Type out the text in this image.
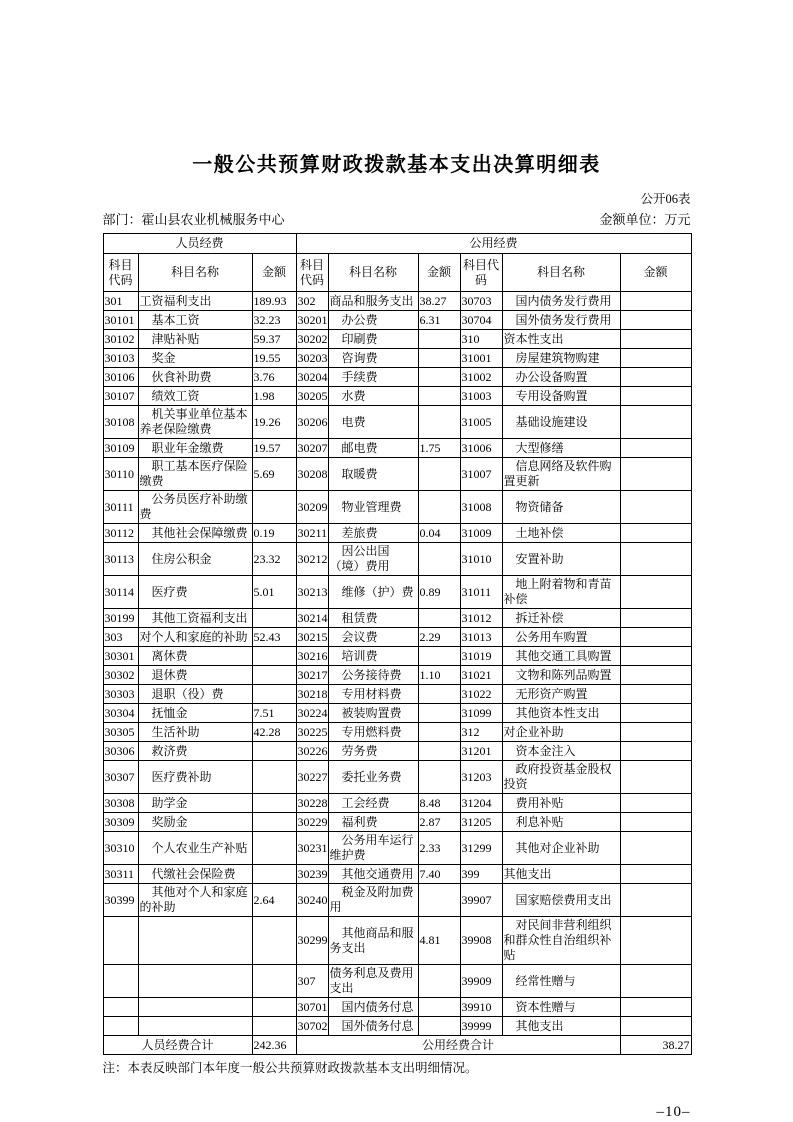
一般公共预算财政拨款基本支出决算明细表
公开06表
部门：霍山县农业机械服务中心	金额单位：万元
人员经费			公用经费					
科目代码	科目名称	金额	科目代码	科目名称	金额	科目代码	科目名称	金额
301	工资福利支出	189.93	302	商品和服务支出	38.27	30703	国内债务发行费用	
30101	基本工资	32.23	30201	办公费	6.31	30704	国外债务发行费用	
30102	津贴补贴	59.37	30202	印刷费		310	资本性支出	
30103	奖金	19.55	30203	咨询费		31001	房屋建筑物购建	
30106	伙食补助费	3.76	30204	手续费		31002	办公设备购置	
30107	绩效工资	1.98	30205	水费		31003	专用设备购置	
30108	机关事业单位基本养老保险缴费	19.26	30206	电费		31005	基础设施建设	
30109	职业年金缴费	19.57	30207	邮电费	1.75	31006	大型修缮	
30110	职工基本医疗保险缴费	5.69	30208	取暖费		31007	信息网络及软件购置更新	
30111	公务员医疗补助缴费		30209	物业管理费		31008	物资储备	
30112	其他社会保障缴费	0.19	30211	差旅费	0.04	31009	土地补偿	
30113	住房公积金	23.32	30212	因公出国（境）费用		31010	安置补助	
30114	医疗费	5.01	30213	维修（护）费	0.89	31011	地上附着物和青苗补偿	
30199	其他工资福利支出		30214	租赁费		31012	拆迁补偿	
303	对个人和家庭的补助	52.43	30215	会议费	2.29	31013	公务用车购置	
30301	离休费		30216	培训费		31019	其他交通工具购置	
30302	退休费		30217	公务接待费	1.10	31021	文物和陈列品购置	
30303	退职（役）费		30218	专用材料费		31022	无形资产购置	
30304	抚恤金	7.51	30224	被装购置费		31099	其他资本性支出	
30305	生活补助	42.28	30225	专用燃料费		312	对企业补助	
30306	救济费		30226	劳务费		31201	资本金注入	
30307	医疗费补助		30227	委托业务费		31203	政府投资基金股权投资	
30308	助学金		30228	工会经费	8.48	31204	费用补贴	
30309	奖励金		30229	福利费	2.87	31205	利息补贴	
30310	个人农业生产补贴		30231	公务用车运行维护费	2.33	31299	其他对企业补助	
30311	代缴社会保险费		30239	其他交通费用	7.40	399	其他支出	
30399	其他对个人和家庭的补助	2.64	30240	税金及附加费用		39907	国家赔偿费用支出	
			30299	其他商品和服务支出	4.81	39908	对民间非营利组织和群众性自治组织补贴	
			307	债务利息及费用支出		39909	经常性赠与	
			30701	国内债务付息		39910	资本性赠与	
			30702	国外债务付息		39999	其他支出	
人员经费合计		242.36	公用经费合计					38.27
注：本表反映部门本年度一般公共预算财政拨款基本支出明细情况。
–10–
